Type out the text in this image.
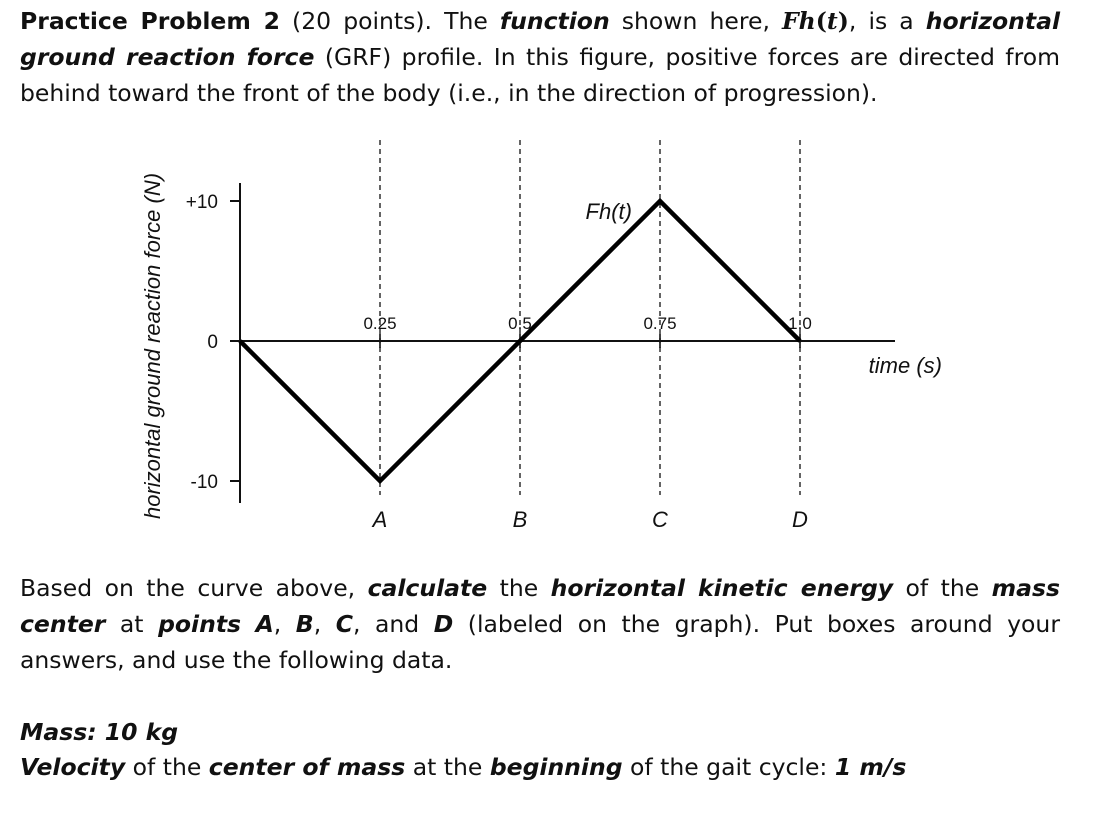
Practice Problem 2 (20 points). The function shown here, Fh(t), is a horizontal ground reaction force (GRF) profile. In this figure, positive forces are directed from behind toward the front of the body (i.e., in the direction of progression).
+10
0
-10
0.25	0.5	0.75	1.0
Fh(t)
A	B	C	D
time (s)
horizontal ground reaction force (N)
Based on the curve above, calculate the horizontal kinetic energy of the mass center at points A, B, C, and D (labeled on the graph). Put boxes around your answers, and use the following data.
Mass: 10 kg
Velocity of the center of mass at the beginning of the gait cycle: 1 m/s
